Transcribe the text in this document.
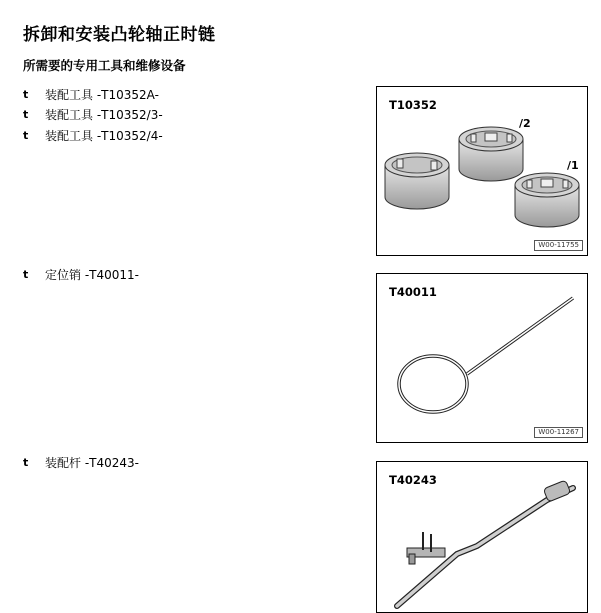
拆卸和安装凸轮轴正时链
所需要的专用工具和维修设备
t 装配工具 -T10352A-
t 装配工具 -T10352/3-
t 装配工具 -T10352/4-
t 定位销 -T40011-
t 装配杆 -T40243-
T10352
/2
/1
W00-11755
T40011
W00-11267
T40243
